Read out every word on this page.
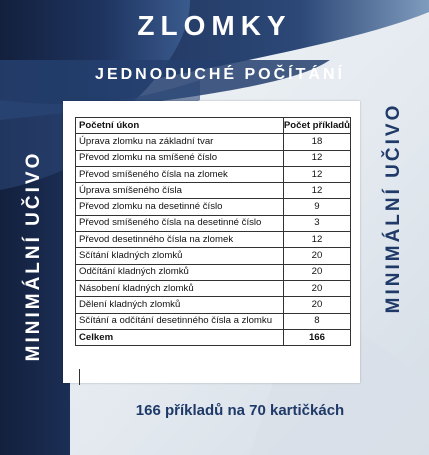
ZLOMKY
JEDNODUCHÉ POČÍTÁNÍ
MINIMÁLNÍ UČIVO	MINIMÁLNÍ UČIVO
Početní úkon	Počet příkladů
Úprava zlomku na základní tvar	18
Převod zlomku na smíšené číslo	12
Převod smíšeného čísla na zlomek	12
Úprava smíšeného čísla	12
Převod zlomku na desetinné číslo	9
Převod smíšeného čísla na desetinné číslo	3
Převod desetinného čísla na zlomek	12
Sčítání kladných zlomků	20
Odčítání kladných zlomků	20
Násobení kladných zlomků	20
Dělení kladných zlomků	20
Sčítání a odčítání desetinného čísla a zlomku	8
Celkem	166
166 příkladů na 70 kartičkách
